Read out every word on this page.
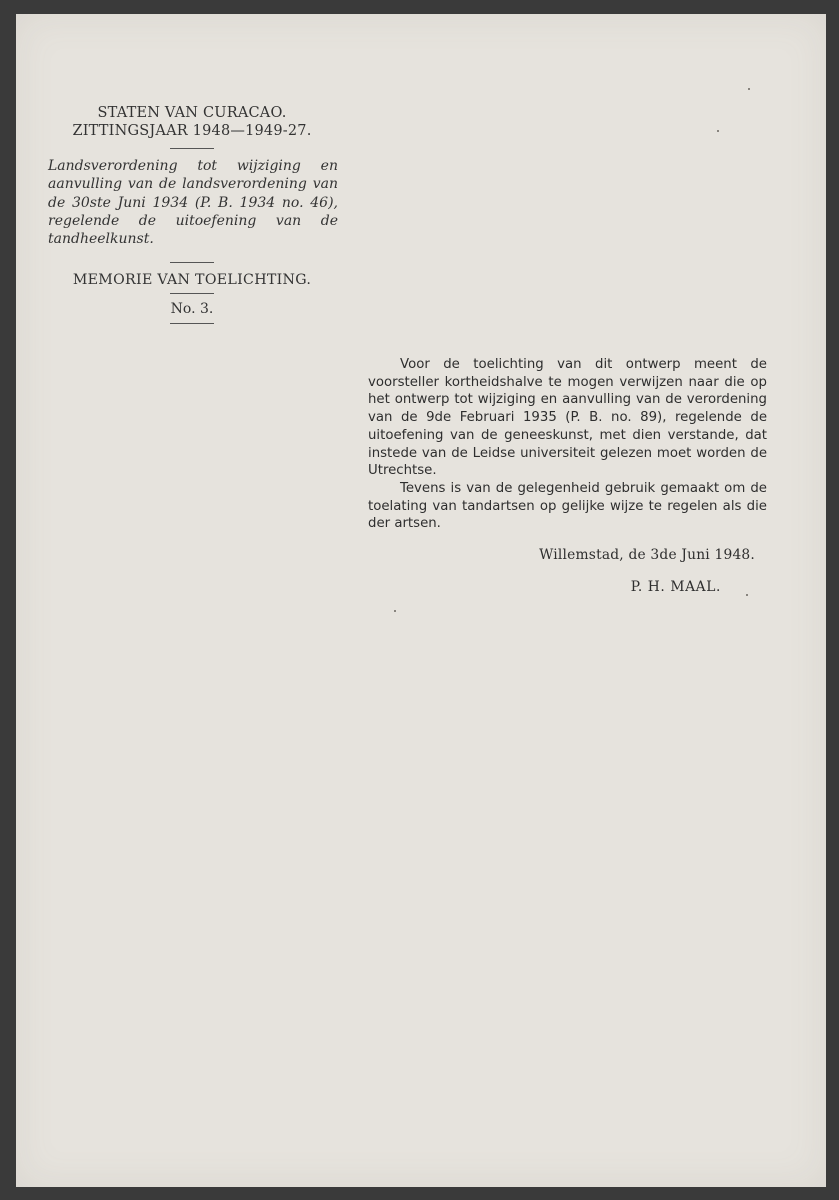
STATEN VAN CURACAO.
ZITTINGSJAAR 1948—1949-27.

Landsverordening tot wijziging en aanvulling van de landsverordening van de 30ste Juni 1934 (P. B. 1934 no. 46), regelende de uitoefening van de tandheelkunst.

MEMORIE VAN TOELICHTING.
No. 3.

Voor de toelichting van dit ontwerp meent de voorsteller kortheidshalve te mogen verwijzen naar die op het ontwerp tot wijziging en aanvulling van de verordening van de 9de Februari 1935 (P. B. no. 89), regelende de uitoefening van de geneeskunst, met dien verstande, dat instede van de Leidse universiteit gelezen moet worden de Utrechtse.

Tevens is van de gelegenheid gebruik gemaakt om de toelating van tandartsen op gelijke wijze te regelen als die der artsen.

Willemstad, de 3de Juni 1948.
P. H. MAAL.
